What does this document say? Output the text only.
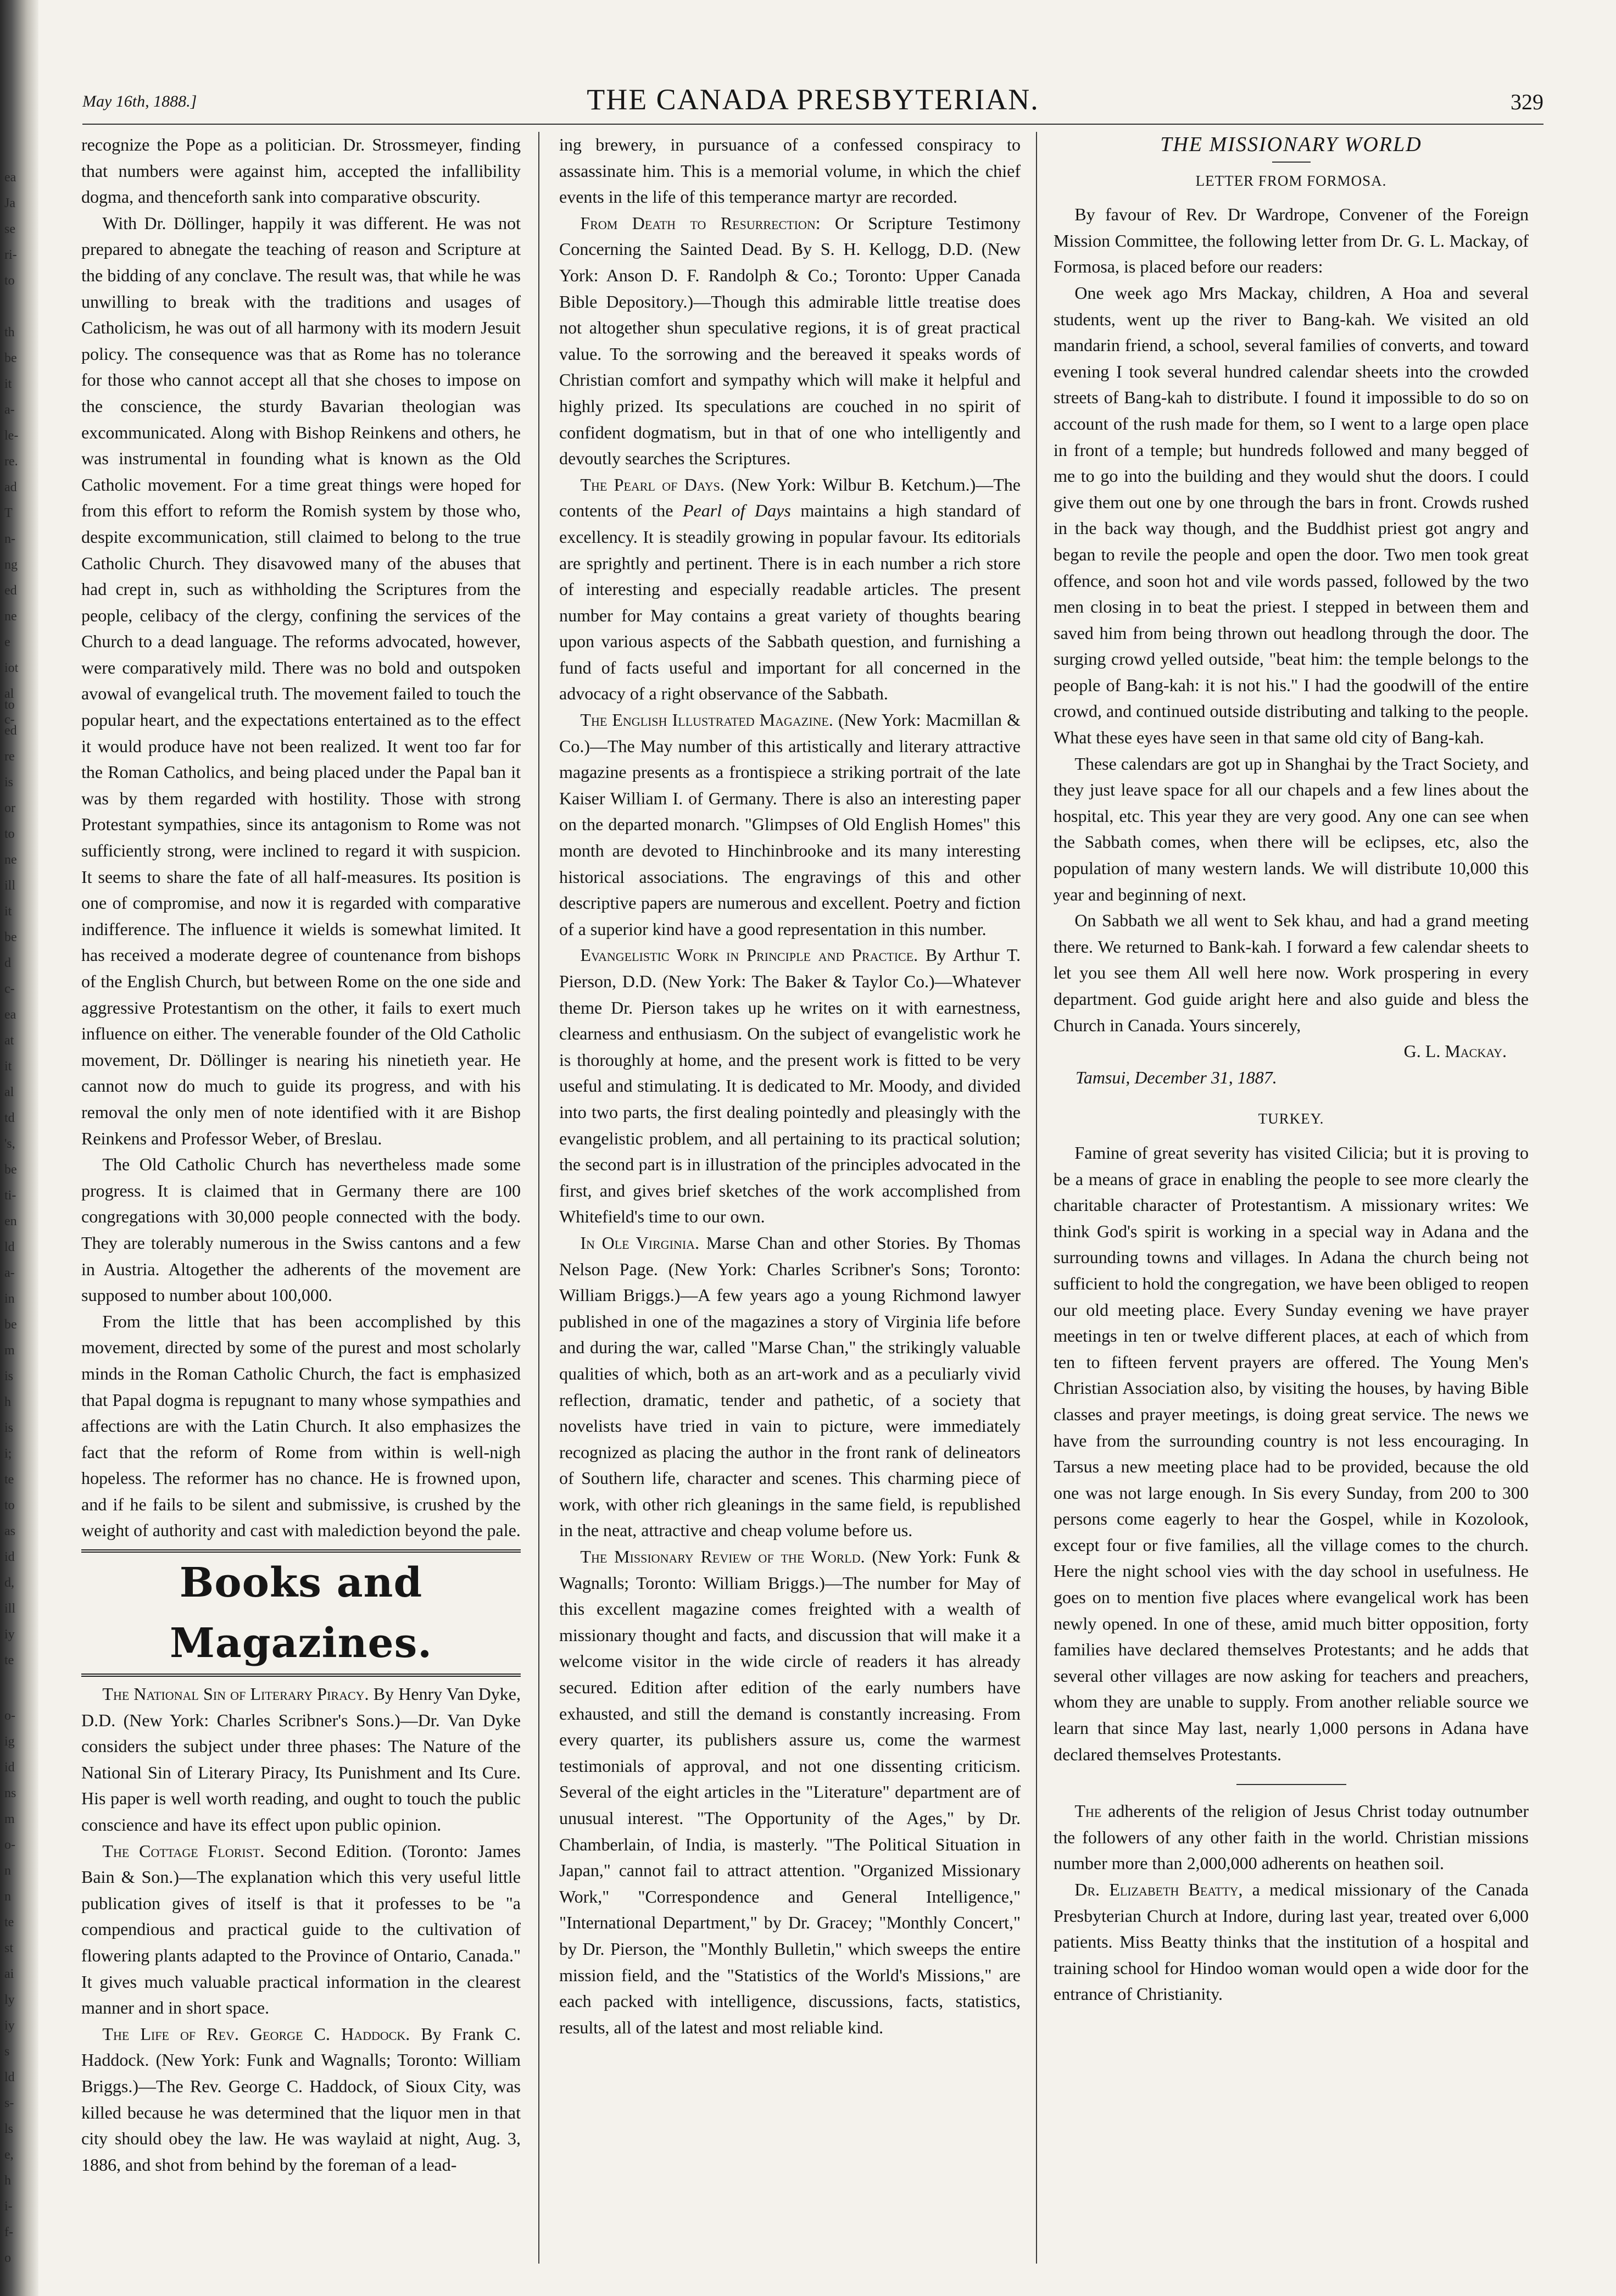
ea
Ja
se
ri-
to
th
be
it
a-
le-
re.
ad
T
n-
ng
ed
ne
e
iot
al
c-
to
ed
re
is
or
to
ne
ill
it
be
d
c-
ea
at
it
al
td
's,
be
ti-
en
ld
a-
in
be
m
is
h
is
i;
te
to
as
id
d,
ill
iy
te
o-
ig
id
ns
m
o-
n
n
te
st
ai
ly
iy
s
ld
s-
ls
e,
h
i-
f-
o
May 16th, 1888.]	THE CANADA PRESBYTERIAN.	329

recognize the Pope as a politician. Dr. Strossmeyer, finding that numbers were against him, accepted the infallibility dogma, and thenceforth sank into comparative obscurity.

With Dr. Döllinger, happily it was different. He was not prepared to abnegate the teaching of reason and Scripture at the bidding of any conclave. The result was, that while he was unwilling to break with the traditions and usages of Catholicism, he was out of all harmony with its modern Jesuit policy. The consequence was that as Rome has no tolerance for those who cannot accept all that she choses to impose on the conscience, the sturdy Bavarian theologian was excommunicated. Along with Bishop Reinkens and others, he was instrumental in founding what is known as the Old Catholic movement. For a time great things were hoped for from this effort to reform the Romish system by those who, despite excommunication, still claimed to belong to the true Catholic Church. They disavowed many of the abuses that had crept in, such as withholding the Scriptures from the people, celibacy of the clergy, confining the services of the Church to a dead language. The reforms advocated, however, were comparatively mild. There was no bold and outspoken avowal of evangelical truth. The movement failed to touch the popular heart, and the expectations entertained as to the effect it would produce have not been realized. It went too far for the Roman Catholics, and being placed under the Papal ban it was by them regarded with hostility. Those with strong Protestant sympathies, since its antagonism to Rome was not sufficiently strong, were inclined to regard it with suspicion. It seems to share the fate of all half-measures. Its position is one of compromise, and now it is regarded with comparative indifference. The influence it wields is somewhat limited. It has received a moderate degree of countenance from bishops of the English Church, but between Rome on the one side and aggressive Protestantism on the other, it fails to exert much influence on either. The venerable founder of the Old Catholic movement, Dr. Döllinger is nearing his ninetieth year. He cannot now do much to guide its progress, and with his removal the only men of note identified with it are Bishop Reinkens and Professor Weber, of Breslau.

The Old Catholic Church has nevertheless made some progress. It is claimed that in Germany there are 100 congregations with 30,000 people connected with the body. They are tolerably numerous in the Swiss cantons and a few in Austria. Altogether the adherents of the movement are supposed to number about 100,000.

From the little that has been accomplished by this movement, directed by some of the purest and most scholarly minds in the Roman Catholic Church, the fact is emphasized that Papal dogma is repugnant to many whose sympathies and affections are with the Latin Church. It also emphasizes the fact that the reform of Rome from within is well-nigh hopeless. The reformer has no chance. He is frowned upon, and if he fails to be silent and submissive, is crushed by the weight of authority and cast with malediction beyond the pale.

Books and Magazines.

The National Sin of Literary Piracy. By Henry Van Dyke, D.D. (New York: Charles Scribner's Sons.)—Dr. Van Dyke considers the subject under three phases: The Nature of the National Sin of Literary Piracy, Its Punishment and Its Cure. His paper is well worth reading, and ought to touch the public conscience and have its effect upon public opinion.

The Cottage Florist. Second Edition. (Toronto: James Bain & Son.)—The explanation which this very useful little publication gives of itself is that it professes to be "a compendious and practical guide to the cultivation of flowering plants adapted to the Province of Ontario, Canada." It gives much valuable practical information in the clearest manner and in short space.

The Life of Rev. George C. Haddock. By Frank C. Haddock. (New York: Funk and Wagnalls; Toronto: William Briggs.)—The Rev. George C. Haddock, of Sioux City, was killed because he was determined that the liquor men in that city should obey the law. He was waylaid at night, Aug. 3, 1886, and shot from behind by the foreman of a lead-

ing brewery, in pursuance of a confessed conspiracy to assassinate him. This is a memorial volume, in which the chief events in the life of this temperance martyr are recorded.

From Death to Resurrection: Or Scripture Testimony Concerning the Sainted Dead. By S. H. Kellogg, D.D. (New York: Anson D. F. Randolph & Co.; Toronto: Upper Canada Bible Depository.)—Though this admirable little treatise does not altogether shun speculative regions, it is of great practical value. To the sorrowing and the bereaved it speaks words of Christian comfort and sympathy which will make it helpful and highly prized. Its speculations are couched in no spirit of confident dogmatism, but in that of one who intelligently and devoutly searches the Scriptures.

The Pearl of Days. (New York: Wilbur B. Ketchum.)—The contents of the Pearl of Days maintains a high standard of excellency. It is steadily growing in popular favour. Its editorials are sprightly and pertinent. There is in each number a rich store of interesting and especially readable articles. The present number for May contains a great variety of thoughts bearing upon various aspects of the Sabbath question, and furnishing a fund of facts useful and important for all concerned in the advocacy of a right observance of the Sabbath.

The English Illustrated Magazine. (New York: Macmillan & Co.)—The May number of this artistically and literary attractive magazine presents as a frontispiece a striking portrait of the late Kaiser William I. of Germany. There is also an interesting paper on the departed monarch. "Glimpses of Old English Homes" this month are devoted to Hinchinbrooke and its many interesting historical associations. The engravings of this and other descriptive papers are numerous and excellent. Poetry and fiction of a superior kind have a good representation in this number.

Evangelistic Work in Principle and Practice. By Arthur T. Pierson, D.D. (New York: The Baker & Taylor Co.)—Whatever theme Dr. Pierson takes up he writes on it with earnestness, clearness and enthusiasm. On the subject of evangelistic work he is thoroughly at home, and the present work is fitted to be very useful and stimulating. It is dedicated to Mr. Moody, and divided into two parts, the first dealing pointedly and pleasingly with the evangelistic problem, and all pertaining to its practical solution; the second part is in illustration of the principles advocated in the first, and gives brief sketches of the work accomplished from Whitefield's time to our own.

In Ole Virginia. Marse Chan and other Stories. By Thomas Nelson Page. (New York: Charles Scribner's Sons; Toronto: William Briggs.)—A few years ago a young Richmond lawyer published in one of the magazines a story of Virginia life before and during the war, called "Marse Chan," the strikingly valuable qualities of which, both as an art-work and as a peculiarly vivid reflection, dramatic, tender and pathetic, of a society that novelists have tried in vain to picture, were immediately recognized as placing the author in the front rank of delineators of Southern life, character and scenes. This charming piece of work, with other rich gleanings in the same field, is republished in the neat, attractive and cheap volume before us.

The Missionary Review of the World. (New York: Funk & Wagnalls; Toronto: William Briggs.)—The number for May of this excellent magazine comes freighted with a wealth of missionary thought and facts, and discussion that will make it a welcome visitor in the wide circle of readers it has already secured. Edition after edition of the early numbers have exhausted, and still the demand is constantly increasing. From every quarter, its publishers assure us, come the warmest testimonials of approval, and not one dissenting criticism. Several of the eight articles in the "Literature" department are of unusual interest. "The Opportunity of the Ages," by Dr. Chamberlain, of India, is masterly. "The Political Situation in Japan," cannot fail to attract attention. "Organized Missionary Work," "Correspondence and General Intelligence," "International Department," by Dr. Gracey; "Monthly Concert," by Dr. Pierson, the "Monthly Bulletin," which sweeps the entire mission field, and the "Statistics of the World's Missions," are each packed with intelligence, discussions, facts, statistics, results, all of the latest and most reliable kind.

THE MISSIONARY WORLD
LETTER FROM FORMOSA.

By favour of Rev. Dr Wardrope, Convener of the Foreign Mission Committee, the following letter from Dr. G. L. Mackay, of Formosa, is placed before our readers:

One week ago Mrs Mackay, children, A Hoa and several students, went up the river to Bang-kah. We visited an old mandarin friend, a school, several families of converts, and toward evening I took several hundred calendar sheets into the crowded streets of Bang-kah to distribute. I found it impossible to do so on account of the rush made for them, so I went to a large open place in front of a temple; but hundreds followed and many begged of me to go into the building and they would shut the doors. I could give them out one by one through the bars in front. Crowds rushed in the back way though, and the Buddhist priest got angry and began to revile the people and open the door. Two men took great offence, and soon hot and vile words passed, followed by the two men closing in to beat the priest. I stepped in between them and saved him from being thrown out headlong through the door. The surging crowd yelled outside, "beat him: the temple belongs to the people of Bang-kah: it is not his." I had the goodwill of the entire crowd, and continued outside distributing and talking to the people. What these eyes have seen in that same old city of Bang-kah.

These calendars are got up in Shanghai by the Tract Society, and they just leave space for all our chapels and a few lines about the hospital, etc. This year they are very good. Any one can see when the Sabbath comes, when there will be eclipses, etc, also the population of many western lands. We will distribute 10,000 this year and beginning of next.

On Sabbath we all went to Sek khau, and had a grand meeting there. We returned to Bank-kah. I forward a few calendar sheets to let you see them All well here now. Work prospering in every department. God guide aright here and also guide and bless the Church in Canada. Yours sincerely,

G. L. Mackay.

Tamsui, December 31, 1887.

TURKEY.

Famine of great severity has visited Cilicia; but it is proving to be a means of grace in enabling the people to see more clearly the charitable character of Protestantism. A missionary writes: We think God's spirit is working in a special way in Adana and the surrounding towns and villages. In Adana the church being not sufficient to hold the congregation, we have been obliged to reopen our old meeting place. Every Sunday evening we have prayer meetings in ten or twelve different places, at each of which from ten to fifteen fervent prayers are offered. The Young Men's Christian Association also, by visiting the houses, by having Bible classes and prayer meetings, is doing great service. The news we have from the surrounding country is not less encouraging. In Tarsus a new meeting place had to be provided, because the old one was not large enough. In Sis every Sunday, from 200 to 300 persons come eagerly to hear the Gospel, while in Kozolook, except four or five families, all the village comes to the church. Here the night school vies with the day school in usefulness. He goes on to mention five places where evangelical work has been newly opened. In one of these, amid much bitter opposition, forty families have declared themselves Protestants; and he adds that several other villages are now asking for teachers and preachers, whom they are unable to supply. From another reliable source we learn that since May last, nearly 1,000 persons in Adana have declared themselves Protestants.

The adherents of the religion of Jesus Christ today outnumber the followers of any other faith in the world. Christian missions number more than 2,000,000 adherents on heathen soil.

Dr. Elizabeth Beatty, a medical missionary of the Canada Presbyterian Church at Indore, during last year, treated over 6,000 patients. Miss Beatty thinks that the institution of a hospital and training school for Hindoo woman would open a wide door for the entrance of Christianity.
